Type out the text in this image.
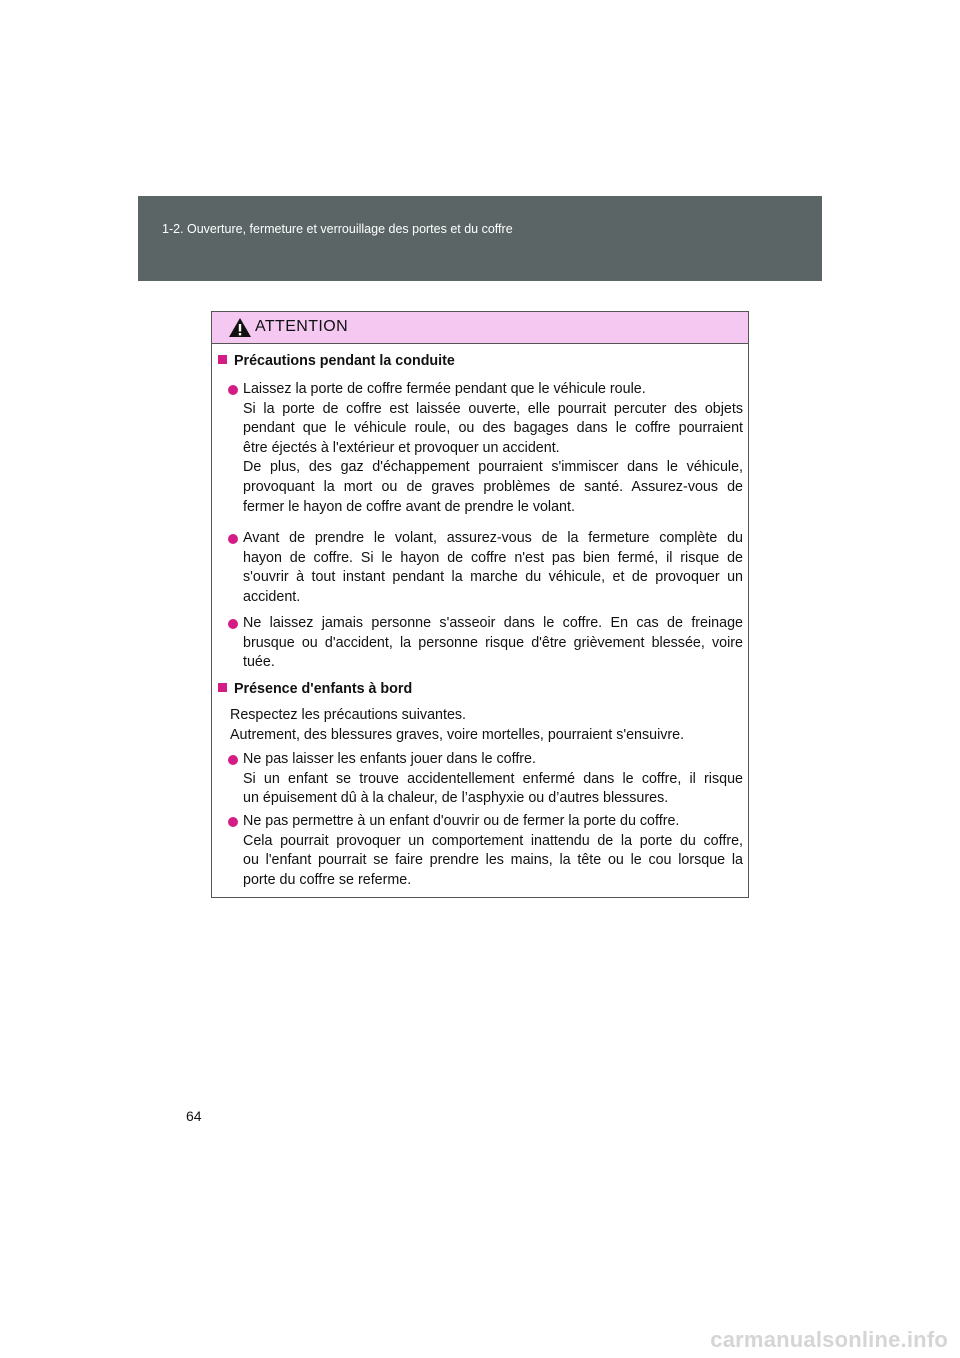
1-2. Ouverture, fermeture et verrouillage des portes et du coffre
ATTENTION
Précautions pendant la conduite
Laissez la porte de coffre fermée pendant que le véhicule roule.
Si la porte de coffre est laissée ouverte, elle pourrait percuter des objets
pendant que le véhicule roule, ou des bagages dans le coffre pourraient
être éjectés à l'extérieur et provoquer un accident.
De plus, des gaz d'échappement pourraient s'immiscer dans le véhicule,
provoquant la mort ou de graves problèmes de santé. Assurez-vous de
fermer le hayon de coffre avant de prendre le volant.
Avant de prendre le volant, assurez-vous de la fermeture complète du
hayon de coffre. Si le hayon de coffre n'est pas bien fermé, il risque de
s'ouvrir à tout instant pendant la marche du véhicule, et de provoquer un
accident.
Ne laissez jamais personne s'asseoir dans le coffre. En cas de freinage
brusque ou d'accident, la personne risque d'être grièvement blessée, voire
tuée.
Présence d'enfants à bord
Respectez les précautions suivantes.
Autrement, des blessures graves, voire mortelles, pourraient s'ensuivre.
Ne pas laisser les enfants jouer dans le coffre.
Si un enfant se trouve accidentellement enfermé dans le coffre, il risque
un épuisement dû à la chaleur, de l’asphyxie ou d’autres blessures.
Ne pas permettre à un enfant d'ouvrir ou de fermer la porte du coffre.
Cela pourrait provoquer un comportement inattendu de la porte du coffre,
ou l'enfant pourrait se faire prendre les mains, la tête ou le cou lorsque la
porte du coffre se referme.
64
carmanualsonline.info
